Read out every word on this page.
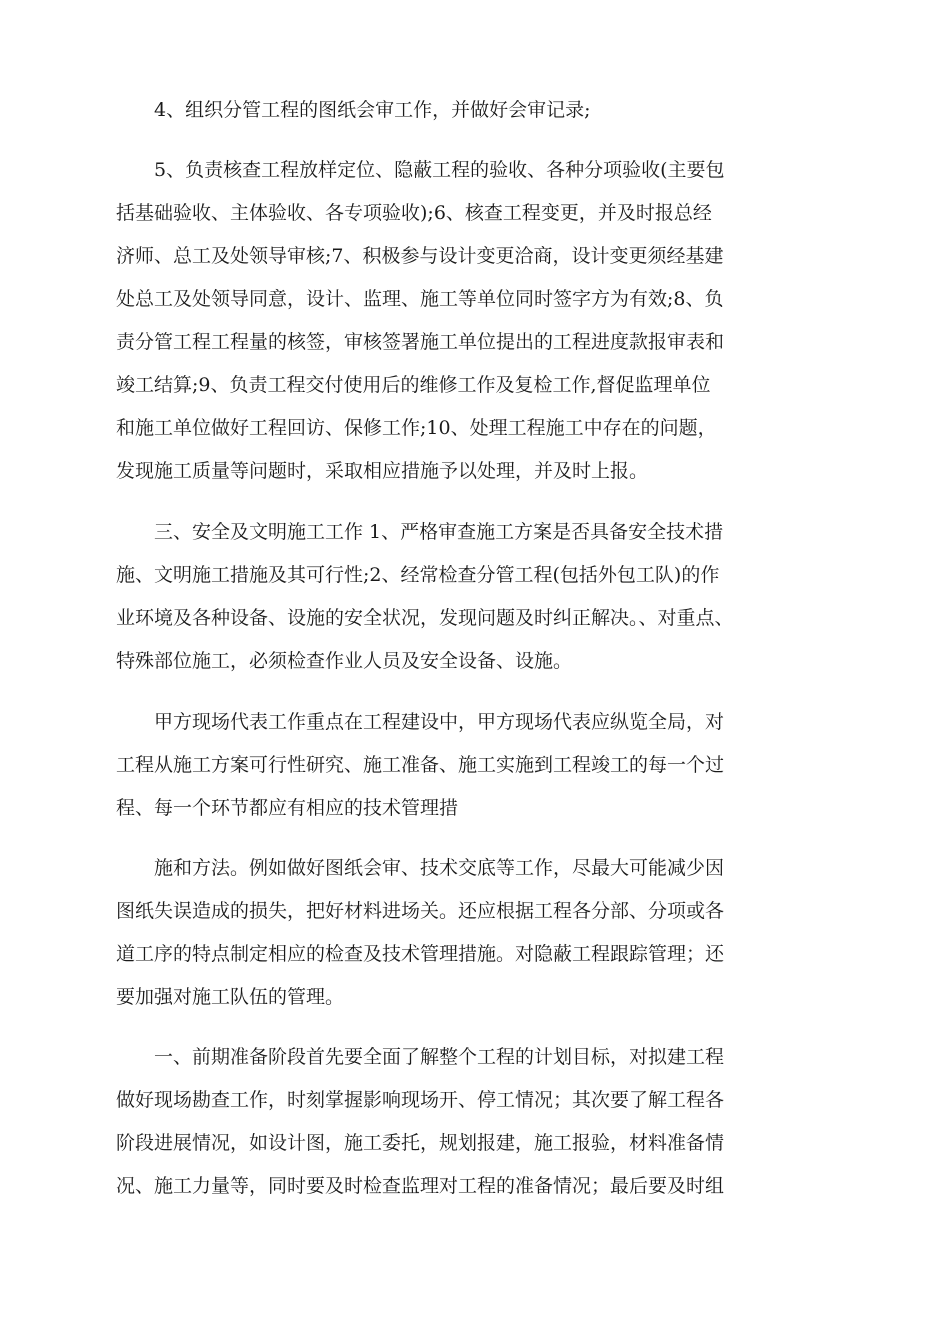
　　4、组织分管工程的图纸会审工作，并做好会审记录;

　　5、负责核查工程放样定位、隐蔽工程的验收、各种分项验收(主要包

括基础验收、主体验收、各专项验收);6、核查工程变更，并及时报总经

济师、总工及处领导审核;7、积极参与设计变更洽商，设计变更须经基建

处总工及处领导同意，设计、监理、施工等单位同时签字方为有效;8、负

责分管工程工程量的核签，审核签署施工单位提出的工程进度款报审表和

竣工结算;9、负责工程交付使用后的维修工作及复检工作,督促监理单位

和施工单位做好工程回访、保修工作;10、处理工程施工中存在的问题，

发现施工质量等问题时，采取相应措施予以处理，并及时上报。

　　三、安全及文明施工工作 1、严格审查施工方案是否具备安全技术措

施、文明施工措施及其可行性;2、经常检查分管工程(包括外包工队)的作

业环境及各种设备、设施的安全状况，发现问题及时纠正解决。、对重点、

特殊部位施工，必须检查作业人员及安全设备、设施。

　　甲方现场代表工作重点在工程建设中，甲方现场代表应纵览全局，对

工程从施工方案可行性研究、施工准备、施工实施到工程竣工的每一个过

程、每一个环节都应有相应的技术管理措

　　施和方法。例如做好图纸会审、技术交底等工作，尽最大可能减少因

图纸失误造成的损失，把好材料进场关。还应根据工程各分部、分项或各

道工序的特点制定相应的检查及技术管理措施。对隐蔽工程跟踪管理；还

要加强对施工队伍的管理。

　　一、前期准备阶段首先要全面了解整个工程的计划目标，对拟建工程

做好现场勘查工作，时刻掌握影响现场开、停工情况；其次要了解工程各

阶段进展情况，如设计图，施工委托，规划报建，施工报验，材料准备情

况、施工力量等，同时要及时检查监理对工程的准备情况；最后要及时组
